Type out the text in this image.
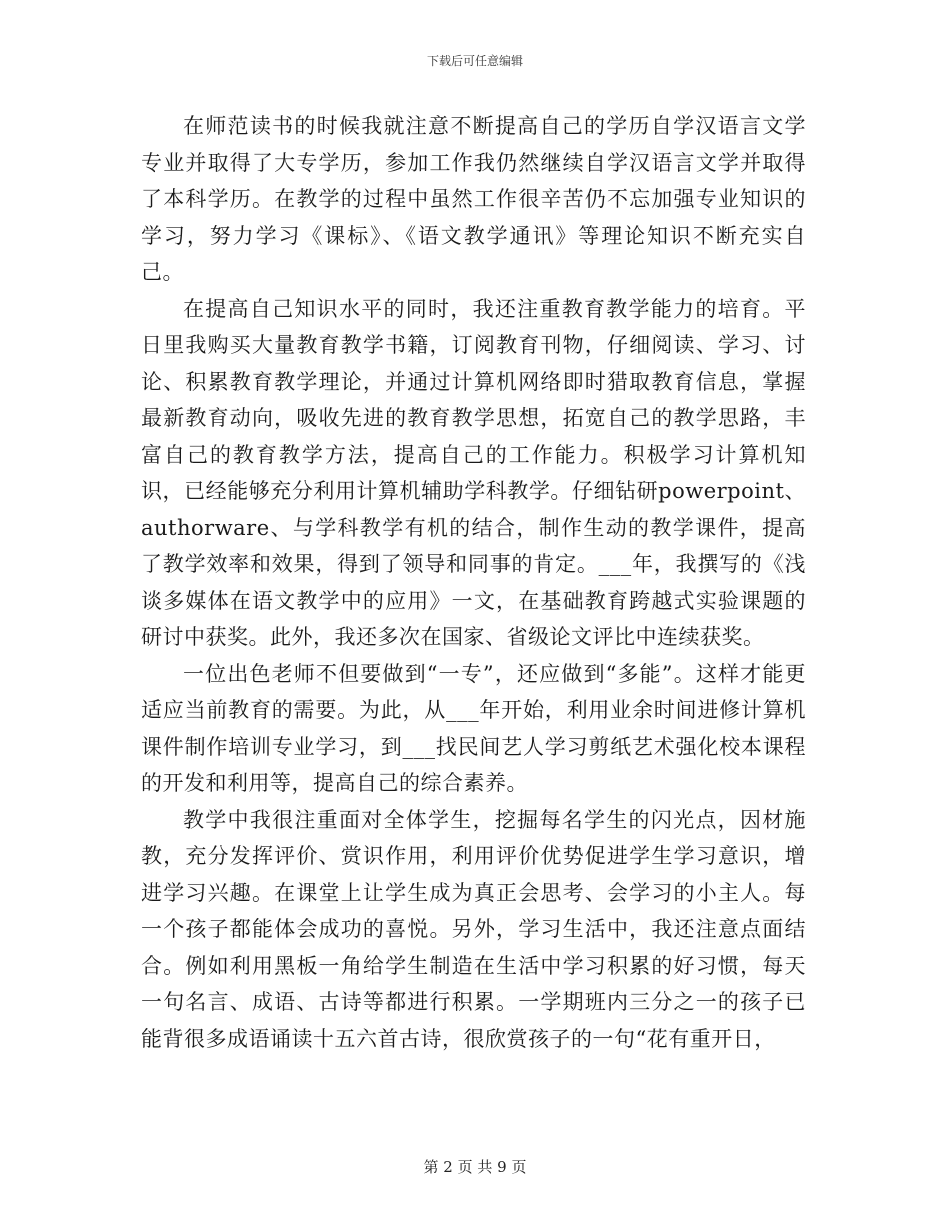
下载后可任意编辑

在师范读书的时候我就注意不断提高自己的学历自学汉语言文学专业并取得了大专学历，参加工作我仍然继续自学汉语言文学并取得了本科学历。在教学的过程中虽然工作很辛苦仍不忘加强专业知识的学习，努力学习《课标》、《语文教学通讯》等理论知识不断充实自己。

在提高自己知识水平的同时，我还注重教育教学能力的培育。平日里我购买大量教育教学书籍，订阅教育刊物，仔细阅读、学习、讨论、积累教育教学理论，并通过计算机网络即时猎取教育信息，掌握最新教育动向，吸收先进的教育教学思想，拓宽自己的教学思路，丰富自己的教育教学方法，提高自己的工作能力。积极学习计算机知识，已经能够充分利用计算机辅助学科教学。仔细钻研powerpoint、authorware、与学科教学有机的结合，制作生动的教学课件，提高了教学效率和效果，得到了领导和同事的肯定。___年，我撰写的《浅谈多媒体在语文教学中的应用》一文，在基础教育跨越式实验课题的研讨中获奖。此外，我还多次在国家、省级论文评比中连续获奖。

一位出色老师不但要做到“一专”，还应做到“多能”。这样才能更适应当前教育的需要。为此，从___年开始，利用业余时间进修计算机课件制作培训专业学习，到___找民间艺人学习剪纸艺术强化校本课程的开发和利用等，提高自己的综合素养。

教学中我很注重面对全体学生，挖掘每名学生的闪光点，因材施教，充分发挥评价、赏识作用，利用评价优势促进学生学习意识，增进学习兴趣。在课堂上让学生成为真正会思考、会学习的小主人。每一个孩子都能体会成功的喜悦。另外，学习生活中，我还注意点面结合。例如利用黑板一角给学生制造在生活中学习积累的好习惯，每天一句名言、成语、古诗等都进行积累。一学期班内三分之一的孩子已能背很多成语诵读十五六首古诗，很欣赏孩子的一句“花有重开日，

第 2 页 共 9 页
